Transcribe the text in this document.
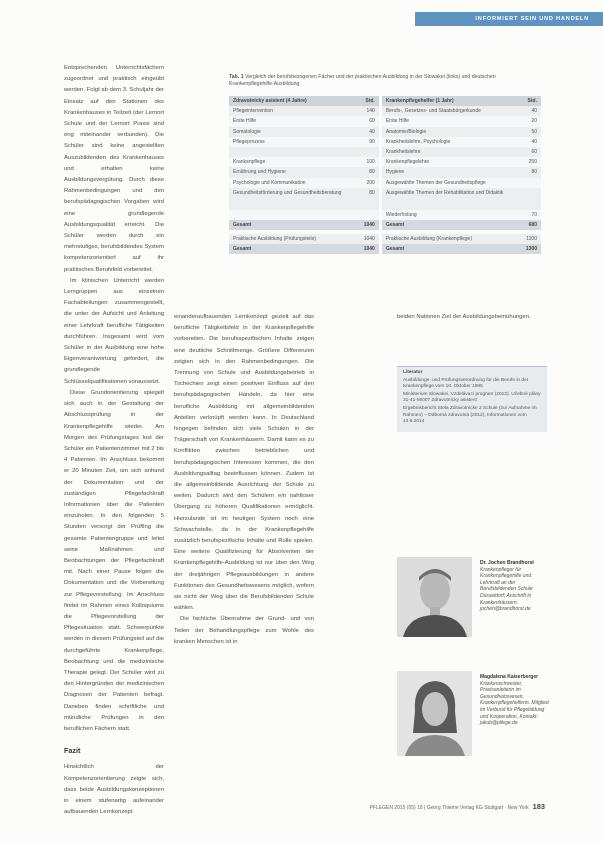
INFORMIERT SEIN UND HANDELN

Entsprechenden Unterrichtsfächern zugeordnet und praktisch eingeübt werden. Folgt ab dem 3. Schuljahr der Einsatz auf den Stationen des Krankenhauses in Teilzeit (der Lernort Schule und der Lernort Praxis sind eng miteinander verbunden). Die Schüler sind keine angestellten Auszubildenden des Krankenhauses und erhalten keine Ausbildungsvergütung. Durch diese Rahmenbedingungen und den berufspädagogischen Vorgaben wird eine grundlegende Ausbildungsqualität erreicht. Die Schüler werden durch ein mehrstufiges, berufsbildendes System kompetenzorientiert auf ihr praktisches Berufsfeld vorbereitet.

Im klinischen Unterricht werden Lerngruppen aus einzelnen Fachabteilungen zusammengestellt, die unter der Aufsicht und Anleitung einer Lehrkraft berufliche Tätigkeiten durchführen. Insgesamt wird vom Schüler in der Ausbildung eine hohe Eigenverantwortung gefordert, die grundlegende Schlüsselqualifikationen voraussetzt.

Diese Grundorientierung spiegelt sich auch in der Gestaltung der Abschlussprüfung in der Krankenpflegehilfe wieder. Am Morgen des Prüfungstages lost der Schüler ein Patientenzimmer mit 2 bis 4 Patienten. Im Anschluss bekommt er 20 Minuten Zeit, um sich anhand der Dokumentation und der zuständigen Pflegefachkraft Informationen über die Patienten einzuholen. In den folgenden 5 Stunden versorgt der Prüfling die gesamte Patientengruppe und leitet seine Maßnahmen und Beobachtungen der Pflegefachkraft mit. Nach einer Pause folgen die Dokumentation und die Vorbereitung zur Pflegevorstellung. Im Anschluss findet im Rahmen eines Kolloquiums die Pflegevorstellung der Pflegesituation statt. Schwerpunkte werden in diesem Prüfungsteil auf die durchgeführte Krankenpflege, Beobachtung und die medizinische Therapie gelegt. Der Schüler wird zu den Hintergründen der medizinischen Diagnosen der Patienten befragt. Daneben finden schriftliche und mündliche Prüfungen in den beruflichen Fächern statt.

Fazit

Hinsichtlich der Kompetenzorientierung zeigte sich, dass beide Ausbildungskonzeptionen in einem stufenartig aufeinander aufbauenden Lernkonzept

Tab. 1 Vergleich der berufsbezogenen Fächer und der praktischen Ausbildung in der Slowakei (links) und deutschen Krankenpflegehilfe-Ausbildung
Zdravotnicky asistent (4 Jahre)	Std.		Krankenpflegehelfer (1 Jahr)	Std.
Pflegeintervention	140		Berufs-, Gesetzes- und Staatsbürgerkunde	40
Erste Hilfe	60		Erste Hilfe	20
Somatologie	40		Anatomie/Biologie	50
Pflegeprozess	90		Krankheitslehre, Psychologie	40
			Krankheitslehre	60
Krankenpflege	100		Krankenpflegelehre	250
Ernährung und Hygiene	80		Hygiene	80
Psychologie und Kommunikation	200		Ausgewählte Themen der Gesundheitspflege	
Gesundheitsförderung und Gesundheitsberatung	80		Ausgewählte Themen der Rehabilitation und Didaktik	
			Wiederholung	70
Gesamt	1040		Gesamt	680

Praktische Ausbildung (Prüfungsteile)	1040		Praktische Ausbildung (Krankenpflege)	1100
Gesamt	1040		Gesamt	1300

einanderaufbauenden Lernkonzept gezielt auf das berufliche Tätigkeitsfeld in der Krankenpflegehilfe vorbereiten. Die berufsspezifischen Inhalte zeigen eine deutliche Schnittmenge. Größere Differenzen zeigten sich in den Rahmenbedingungen. Die Trennung von Schule und Ausbildungsbetrieb in Tschechien zeigt einen positiven Einfluss auf den berufspädagogischen Handeln, da hier eine berufliche Ausbildung mit allgemeinbildenden Anteilen verknüpft werden kann. In Deutschland hingegen befinden sich viele Schulen in der Trägerschaft von Krankenhäusern. Damit kann es zu Konflikten zwischen betrieblichen und berufspädagogischen Interessen kommen, die den Ausbildungsalltag beeinflussen können. Zudem ist die allgemeinbildende Ausrichtung der Schule zu weiten. Dadurch wird den Schülern ein nahtloser Übergang zu höheren Qualifikationen ermöglicht. Hierzulande ist im heutigen System noch eine Schwachstelle, da in der Krankenpflegehilfe zusätzlich berufspezifische Inhalte und Rolle spielen. Eine weitere Qualifizierung für Absolventen der Krankenpflegehilfe-Ausbildung ist nur über den Weg der dreijährigen Pflegeausbildungen in andere Funktionen des Gesundheitswesens möglich, wofern sie nicht der Weg über die Berufsbildenden Schule wählen.

Die fachliche Übernahme der Grund- und von Teilen der Behandlungspflege zum Wohle des kranken Menschen ist in

beiden Nationen Ziel der Ausbildungsbemühungen.

Literatur
Ausbildungs- und Prüfungsverordnung für die Berufe in der Krankenpflege vom 10. Oktober 1985
Ministerium Slowakei, Vzdelávací program (2013). Učebné plány 31-41-M/007 Zdravotnícky asistent
Ergebnisbericht Stela Zdravotnícke 2 Schule (zur Aufnahme im Rahmen) – Odborná zdravotná (2012), Informationen vom 13.9.2014
Dr. Jochen Brandhorst
Krankenpfleger für Krankenpflegehilfe und Lehrkraft an der Berufsbildenden Schule Düsseldorf; Anschrift in Krankenhäusern. jochen@brandhorst.de
Magdalena Kaiserberger
Krankenschwester, Praxisanleiterin im Gesundheitswesen, Krankenpflegehelferin. Mitglied im Verbund für Pflegebildung und Kooperation, Kontakt: jakub@pflege.de
PFLEGEN 2015 (05) 18 | Georg Thieme Verlag KG Stuttgart · New York 183
